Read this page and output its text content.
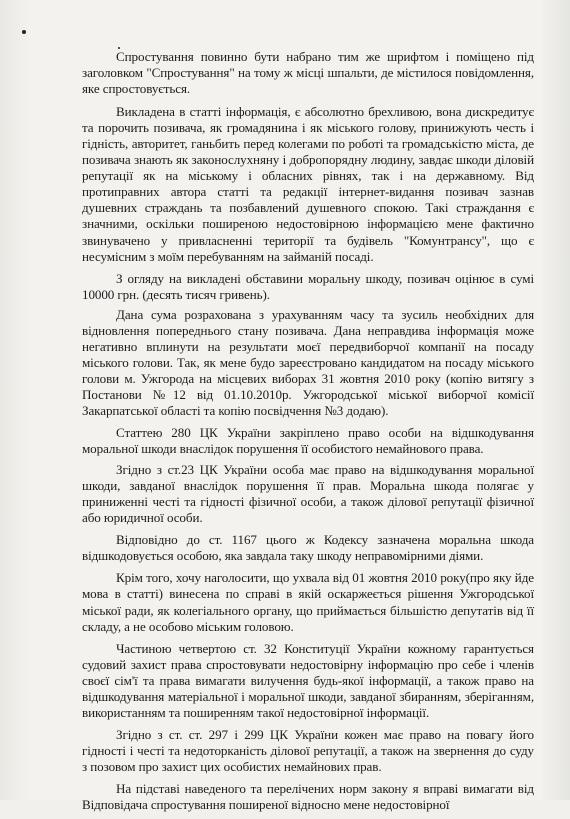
Спростування повинно бути набрано тим же шрифтом і поміщено під заголовком "Спростування" на тому ж місці шпальти, де містилося повідомлення, яке спростовується.

Викладена в статті інформація, є абсолютно брехливою, вона дискредитує та порочить позивача, як громадянина і як міського голову, принижують честь і гідність, авторитет, ганьбить перед колегами по роботі та громадськістю міста, де позивача знають як законослухняну і добропорядну людину, завдає шкоди діловій репутації як на міському і обласних рівнях, так і на державному. Від протиправних автора статті та редакції інтернет-видання позивач зазнав душевних страждань та позбавлений душевного спокою. Такі страждання є значними, оскільки поширеною недостовірною інформацією мене фактично звинувачено у привласненні території та будівель "Комунтрансу", що є несумісним з моїм перебуванням на займаній посаді.

З огляду на викладені обставини моральну шкоду, позивач оцінює в сумі 10000 грн. (десять тисяч гривень).

Дана сума розрахована з урахуванням часу та зусиль необхідних для відновлення попереднього стану позивача. Дана неправдива інформація може негативно вплинути на результати моєї передвиборчої компанії на посаду міського голови. Так, як мене будо зареєстровано кандидатом на посаду міського голови м. Ужгорода на місцевих виборах 31 жовтня 2010 року (копію витягу з Постанови №12 від 01.10.2010р. Ужгородської міської виборчої комісії Закарпатської області та копію посвідчення №3 додаю).

Статтею 280 ЦК України закріплено право особи на відшкодування моральної шкоди внаслідок порушення її особистого немайнового права.

Згідно з ст.23 ЦК України особа має право на відшкодування моральної шкоди, завданої внаслідок порушення її прав. Моральна шкода полягає у приниженні честі та гідності фізичної особи, а також ділової репутації фізичної або юридичної особи.

Відповідно до ст. 1167 цього ж Кодексу зазначена моральна шкода відшкодовується особою, яка завдала таку шкоду неправомірними діями.

Крім того, хочу наголосити, що ухвала від 01 жовтня 2010 року(про яку йде мова в статті) винесена по справі в якій оскаржеється рішення Ужгородської міської ради, як колегіального органу, що приймається більшістю депутатів від її складу, а не особово міським головою.

Частиною четвертою ст. 32 Конституції України кожному гарантується судовий захист права спростовувати недостовірну інформацію про себе і членів своєї сім'ї та права вимагати вилучення будь-якої інформації, а також право на відшкодування матеріальної і моральної шкоди, завданої збиранням, зберіганням, використанням та поширенням такої недостовірної інформації.

Згідно з ст. ст. 297 і 299 ЦК України кожен має право на повагу його гідності і честі та недоторканість ділової репутації, а також на звернення до суду з позовом про захист цих особистих немайнових прав.

На підставі наведеного та перелічених норм закону я вправі вимагати від Відповідача спростування поширеної відносно мене недостовірної
